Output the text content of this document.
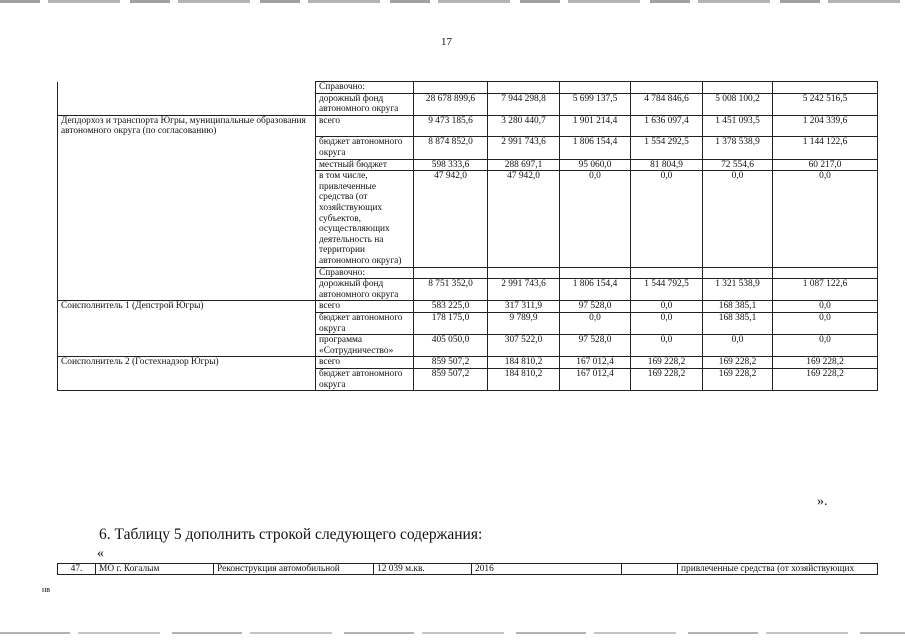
17
	Справочно:						
	дорожный фонд автономного округа	28 678 899,6	7 944 298,8	5 699 137,5	4 784 846,6	5 008 100,2	5 242 516,5
Депдорхоз и транспорта Югры, муниципальные образования автономного округа (по согласованию)	всего	9 473 185,6	3 280 440,7	1 901 214,4	1 636 097,4	1 451 093,5	1 204 339,6
	бюджет автономного округа	8 874 852,0	2 991 743,6	1 806 154,4	1 554 292,5	1 378 538,9	1 144 122,6
	местный бюджет	598 333,6	288 697,1	95 060,0	81 804,9	72 554,6	60 217,0
	в том числе, привлеченные средства (от хозяйствующих субъектов, осуществляющих деятельность на территории автономного округа)	47 942,0	47 942,0	0,0	0,0	0,0	0,0
	Справочно:						
	дорожный фонд автономного округа	8 751 352,0	2 991 743,6	1 806 154,4	1 544 792,5	1 321 538,9	1 087 122,6
Соисполнитель 1 (Депстрой Югры)	всего	583 225,0	317 311,9	97 528,0	0,0	168 385,1	0,0
	бюджет автономного округа	178 175,0	9 789,9	0,0	0,0	168 385,1	0,0
	программа «Сотрудничество»	405 050,0	307 522,0	97 528,0	0,0	0,0	0,0
Соисполнитель 2 (Гостехнадзор Югры)	всего	859 507,2	184 810,2	167 012,4	169 228,2	169 228,2	169 228,2
	бюджет автономного округа	859 507,2	184 810,2	167 012,4	169 228,2	169 228,2	169 228,2
».
6. Таблицу 5 дополнить строкой следующего содержания:
«
47.	МО г. Когалым	Реконструкция автомобильной	12 039 м.кв.	2016		привлеченные средства (от хозяйствующих
нв
